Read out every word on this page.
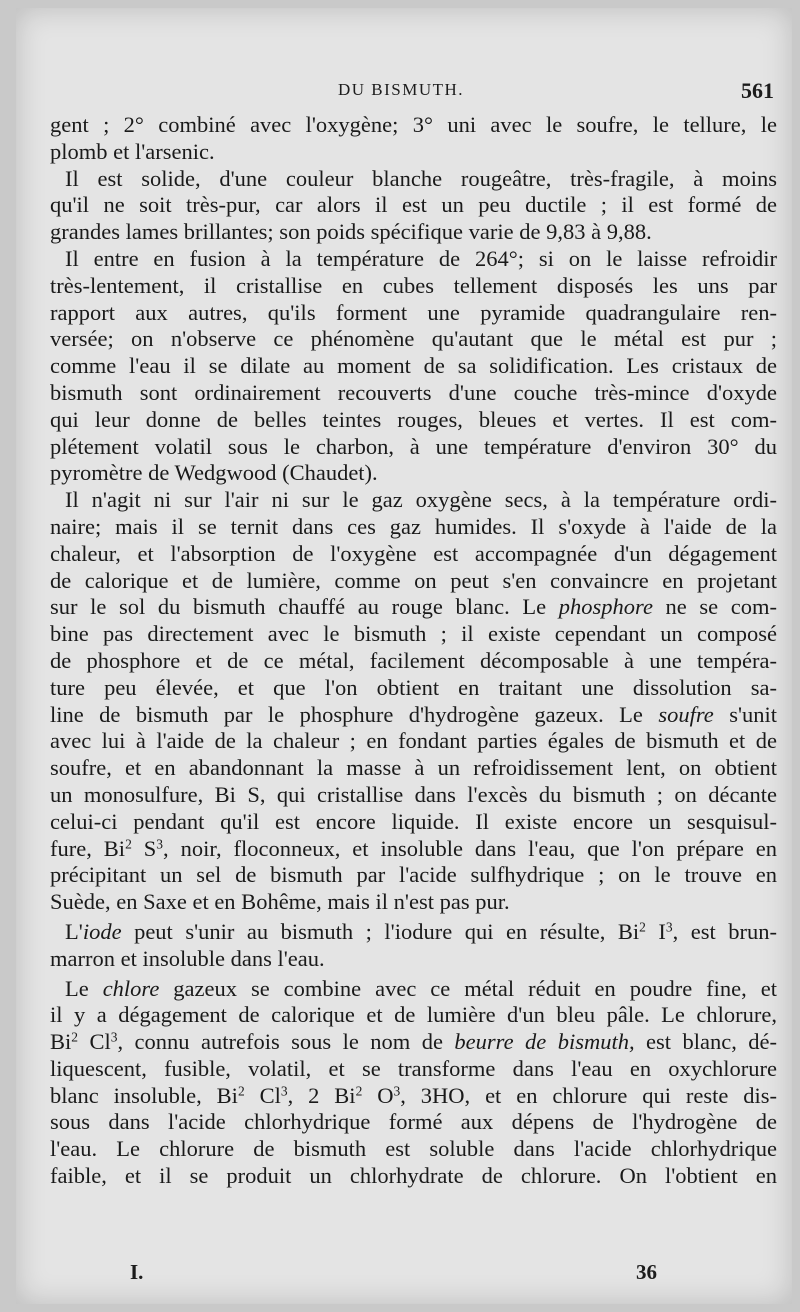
DU BISMUTH.	561

gent ; 2° combiné avec l'oxygène; 3° uni avec le soufre, le tellure, le
plomb et l'arsenic.

Il est solide, d'une couleur blanche rougeâtre, très-fragile, à moins
qu'il ne soit très-pur, car alors il est un peu ductile ; il est formé de
grandes lames brillantes; son poids spécifique varie de 9,83 à 9,88.

Il entre en fusion à la température de 264°; si on le laisse refroidir
très-lentement, il cristallise en cubes tellement disposés les uns par
rapport aux autres, qu'ils forment une pyramide quadrangulaire ren-
versée; on n'observe ce phénomène qu'autant que le métal est pur ;
comme l'eau il se dilate au moment de sa solidification. Les cristaux de
bismuth sont ordinairement recouverts d'une couche très-mince d'oxyde
qui leur donne de belles teintes rouges, bleues et vertes. Il est com-
plétement volatil sous le charbon, à une température d'environ 30° du
pyromètre de Wedgwood (Chaudet).

Il n'agit ni sur l'air ni sur le gaz oxygène secs, à la température ordi-
naire; mais il se ternit dans ces gaz humides. Il s'oxyde à l'aide de la
chaleur, et l'absorption de l'oxygène est accompagnée d'un dégagement
de calorique et de lumière, comme on peut s'en convaincre en projetant
sur le sol du bismuth chauffé au rouge blanc. Le phosphore ne se com-
bine pas directement avec le bismuth ; il existe cependant un composé
de phosphore et de ce métal, facilement décomposable à une tempéra-
ture peu élevée, et que l'on obtient en traitant une dissolution sa-
line de bismuth par le phosphure d'hydrogène gazeux. Le soufre s'unit
avec lui à l'aide de la chaleur ; en fondant parties égales de bismuth et de
soufre, et en abandonnant la masse à un refroidissement lent, on obtient
un monosulfure, Bi S, qui cristallise dans l'excès du bismuth ; on décante
celui-ci pendant qu'il est encore liquide. Il existe encore un sesquisul-
fure, Bi$^2$ $S^3$, noir, floconneux, et insoluble dans l'eau, que l'on prépare en
précipitant un sel de bismuth par l'acide sulfhydrique ; on le trouve en
Suède, en Saxe et en Bohême, mais il n'est pas pur.

L'iode peut s'unir au bismuth ; l'iodure qui en résulte, Bi$^2$ $I^3$, est brun-
marron et insoluble dans l'eau.

Le chlore gazeux se combine avec ce métal réduit en poudre fine, et
il y a dégagement de calorique et de lumière d'un bleu pâle. Le chlorure,
Bi$^2$ Cl$^3$, connu autrefois sous le nom de beurre de bismuth, est blanc, dé-
liquescent, fusible, volatil, et se transforme dans l'eau en oxychlorure
blanc insoluble, Bi$^2$ Cl$^3$, 2 Bi$^2$ $O^3$, 3HO, et en chlorure qui reste dis-
sous dans l'acide chlorhydrique formé aux dépens de l'hydrogène de
l'eau. Le chlorure de bismuth est soluble dans l'acide chlorhydrique
faible, et il se produit un chlorhydrate de chlorure. On l'obtient en

I.	36
